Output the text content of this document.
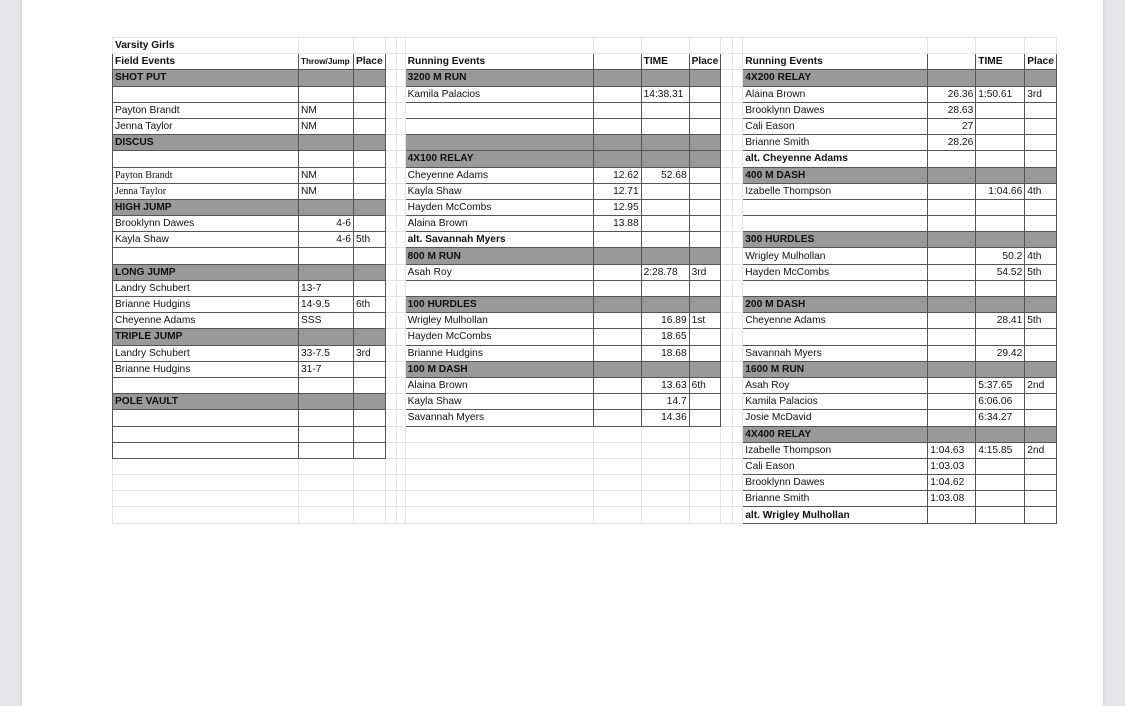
Varsity Girls														
Field Events	Throw/Jump	Place			Running Events		TIME	Place			Running Events		TIME	Place
SHOT PUT					3200 M RUN						4X200 RELAY			
					Kamila Palacios		14:38.31				Alaina Brown	26.36	1:50.61	3rd
Payton Brandt	NM										Brooklynn Dawes	28.63		
Jenna Taylor	NM										Cali Eason	27		
DISCUS											Brianne Smith	28.26		
					4X100 RELAY						alt. Cheyenne Adams			
Payton Brandt	NM				Cheyenne Adams	12.62	52.68				400 M DASH			
Jenna Taylor	NM				Kayla Shaw	12.71					Izabelle Thompson		1:04.66	4th
HIGH JUMP					Hayden McCombs	12.95								
Brooklynn Dawes	4-6				Alaina Brown	13.88								
Kayla Shaw	4-6	5th			alt. Savannah Myers						300 HURDLES			
					800 M RUN						Wrigley Mulhollan		50.2	4th
LONG JUMP					Asah Roy		2:28.78	3rd			Hayden McCombs		54.52	5th
Landry Schubert	13-7													
Brianne Hudgins	14-9.5	6th			100 HURDLES						200 M DASH			
Cheyenne Adams	SSS				Wrigley Mulhollan		16.89	1st			Cheyenne Adams		28.41	5th
TRIPLE JUMP					Hayden McCombs		18.65							
Landry Schubert	33-7.5	3rd			Brianne Hudgins		18.68				Savannah Myers		29.42	
Brianne Hudgins	31-7				100 M DASH						1600 M RUN			
					Alaina Brown		13.63	6th			Asah Roy		5:37.65	2nd
POLE VAULT					Kayla Shaw		14.7				Kamila Palacios		6:06.06	
					Savannah Myers		14.36				Josie McDavid		6:34.27	
											4X400 RELAY			
											Izabelle Thompson	1:04.63	4:15.85	2nd
											Cali Eason	1:03.03		
											Brooklynn Dawes	1:04.62		
											Brianne Smith	1:03.08		
											alt. Wrigley Mulhollan			
